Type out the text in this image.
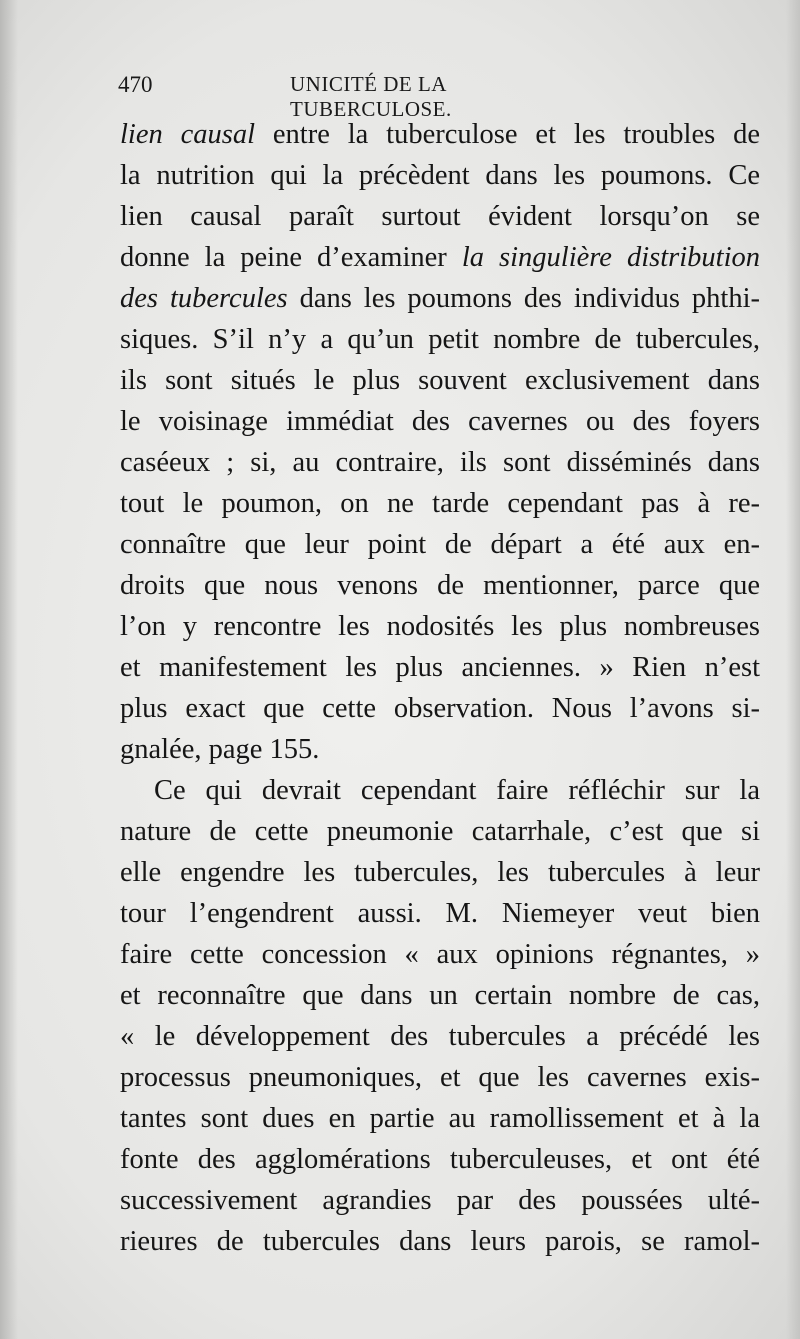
470	UNICITÉ DE LA TUBERCULOSE.
lien causal entre la tuberculose et les troubles de
la nutrition qui la précèdent dans les poumons. Ce
lien causal paraît surtout évident lorsqu’on se
donne la peine d’examiner la singulière distribution
des tubercules dans les poumons des individus phthi-
siques. S’il n’y a qu’un petit nombre de tubercules,
ils sont situés le plus souvent exclusivement dans
le voisinage immédiat des cavernes ou des foyers
caséeux ; si, au contraire, ils sont disséminés dans
tout le poumon, on ne tarde cependant pas à re-
connaître que leur point de départ a été aux en-
droits que nous venons de mentionner, parce que
l’on y rencontre les nodosités les plus nombreuses
et manifestement les plus anciennes. » Rien n’est
plus exact que cette observation. Nous l’avons si-
gnalée, page 155.
Ce qui devrait cependant faire réfléchir sur la
nature de cette pneumonie catarrhale, c’est que si
elle engendre les tubercules, les tubercules à leur
tour l’engendrent aussi. M. Niemeyer veut bien
faire cette concession « aux opinions régnantes, »
et reconnaître que dans un certain nombre de cas,
« le développement des tubercules a précédé les
processus pneumoniques, et que les cavernes exis-
tantes sont dues en partie au ramollissement et à la
fonte des agglomérations tuberculeuses, et ont été
successivement agrandies par des poussées ulté-
rieures de tubercules dans leurs parois, se ramol-
